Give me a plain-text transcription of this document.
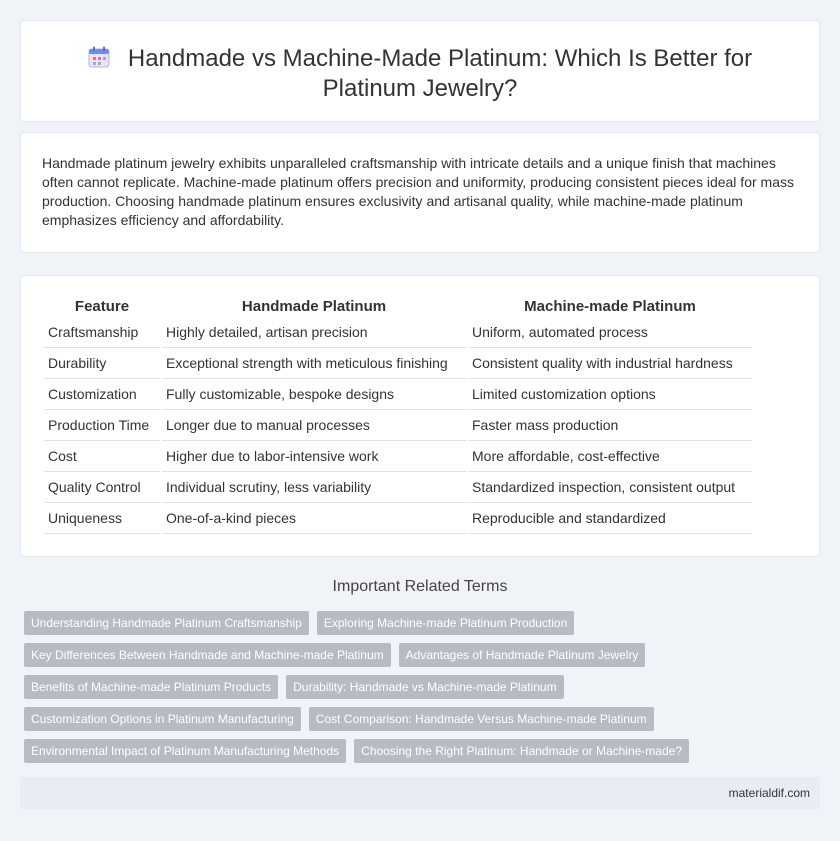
Handmade vs Machine-Made Platinum: Which Is Better for
Platinum Jewelry?

Handmade platinum jewelry exhibits unparalleled craftsmanship with intricate details and a unique finish that machines often cannot replicate. Machine-made platinum offers precision and uniformity, producing consistent pieces ideal for mass production. Choosing handmade platinum ensures exclusivity and artisanal quality, while machine-made platinum emphasizes efficiency and affordability.

Feature	Handmade Platinum	Machine-made Platinum
Craftsmanship	Highly detailed, artisan precision	Uniform, automated process
Durability	Exceptional strength with meticulous finishing	Consistent quality with industrial hardness
Customization	Fully customizable, bespoke designs	Limited customization options
Production Time	Longer due to manual processes	Faster mass production
Cost	Higher due to labor-intensive work	More affordable, cost-effective
Quality Control	Individual scrutiny, less variability	Standardized inspection, consistent output
Uniqueness	One-of-a-kind pieces	Reproducible and standardized
Important Related Terms
Understanding Handmade Platinum Craftsmanship Exploring Machine-made Platinum Production
Key Differences Between Handmade and Machine-made Platinum Advantages of Handmade Platinum Jewelry
Benefits of Machine-made Platinum Products Durability: Handmade vs Machine-made Platinum
Customization Options in Platinum Manufacturing Cost Comparison: Handmade Versus Machine-made Platinum
Environmental Impact of Platinum Manufacturing Methods Choosing the Right Platinum: Handmade or Machine-made?
materialdif.com
